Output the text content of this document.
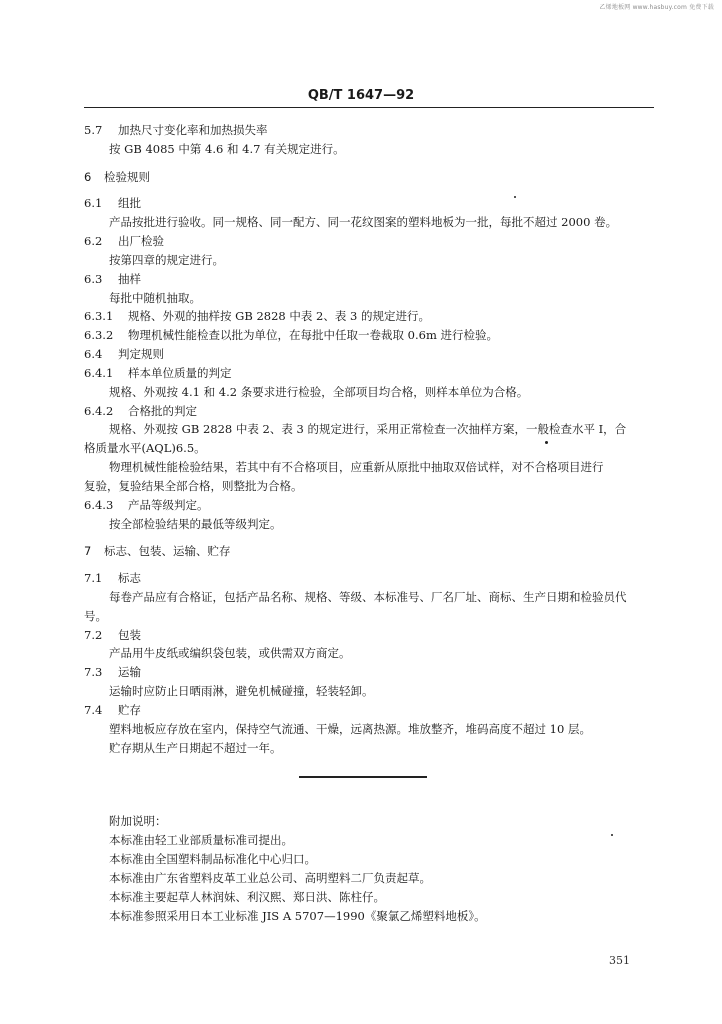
乙烯地板网 www.hasbuy.com 免费下载
QB/T 1647—92
5.7 加热尺寸变化率和加热损失率
按 GB 4085 中第 4.6 和 4.7 有关规定进行。
6 检验规则
6.1 组批
产品按批进行验收。同一规格、同一配方、同一花纹图案的塑料地板为一批，每批不超过 2000 卷。
6.2 出厂检验
按第四章的规定进行。
6.3 抽样
每批中随机抽取。
6.3.1 规格、外观的抽样按 GB 2828 中表 2、表 3 的规定进行。
6.3.2 物理机械性能检查以批为单位，在每批中任取一卷裁取 0.6m 进行检验。
6.4 判定规则
6.4.1 样本单位质量的判定
规格、外观按 4.1 和 4.2 条要求进行检验，全部项目均合格，则样本单位为合格。
6.4.2 合格批的判定
规格、外观按 GB 2828 中表 2、表 3 的规定进行，采用正常检查一次抽样方案，一般检查水平 I，合
格质量水平(AQL)6.5。
物理机械性能检验结果，若其中有不合格项目，应重新从原批中抽取双倍试样，对不合格项目进行
复验，复验结果全部合格，则整批为合格。
6.4.3 产品等级判定。
按全部检验结果的最低等级判定。
7 标志、包装、运输、贮存
7.1 标志
每卷产品应有合格证，包括产品名称、规格、等级、本标准号、厂名厂址、商标、生产日期和检验员代
号。
7.2 包装
产品用牛皮纸或编织袋包装，或供需双方商定。
7.3 运输
运输时应防止日晒雨淋，避免机械碰撞，轻装轻卸。
7.4 贮存
塑料地板应存放在室内，保持空气流通、干燥，远离热源。堆放整齐，堆码高度不超过 10 层。
贮存期从生产日期起不超过一年。
附加说明：
本标准由轻工业部质量标准司提出。
本标准由全国塑料制品标准化中心归口。
本标准由广东省塑料皮革工业总公司、高明塑料二厂负责起草。
本标准主要起草人林润妹、利汉熙、郑日洪、陈柱仔。
本标准参照采用日本工业标准 JIS A 5707—1990《聚氯乙烯塑料地板》。
351
